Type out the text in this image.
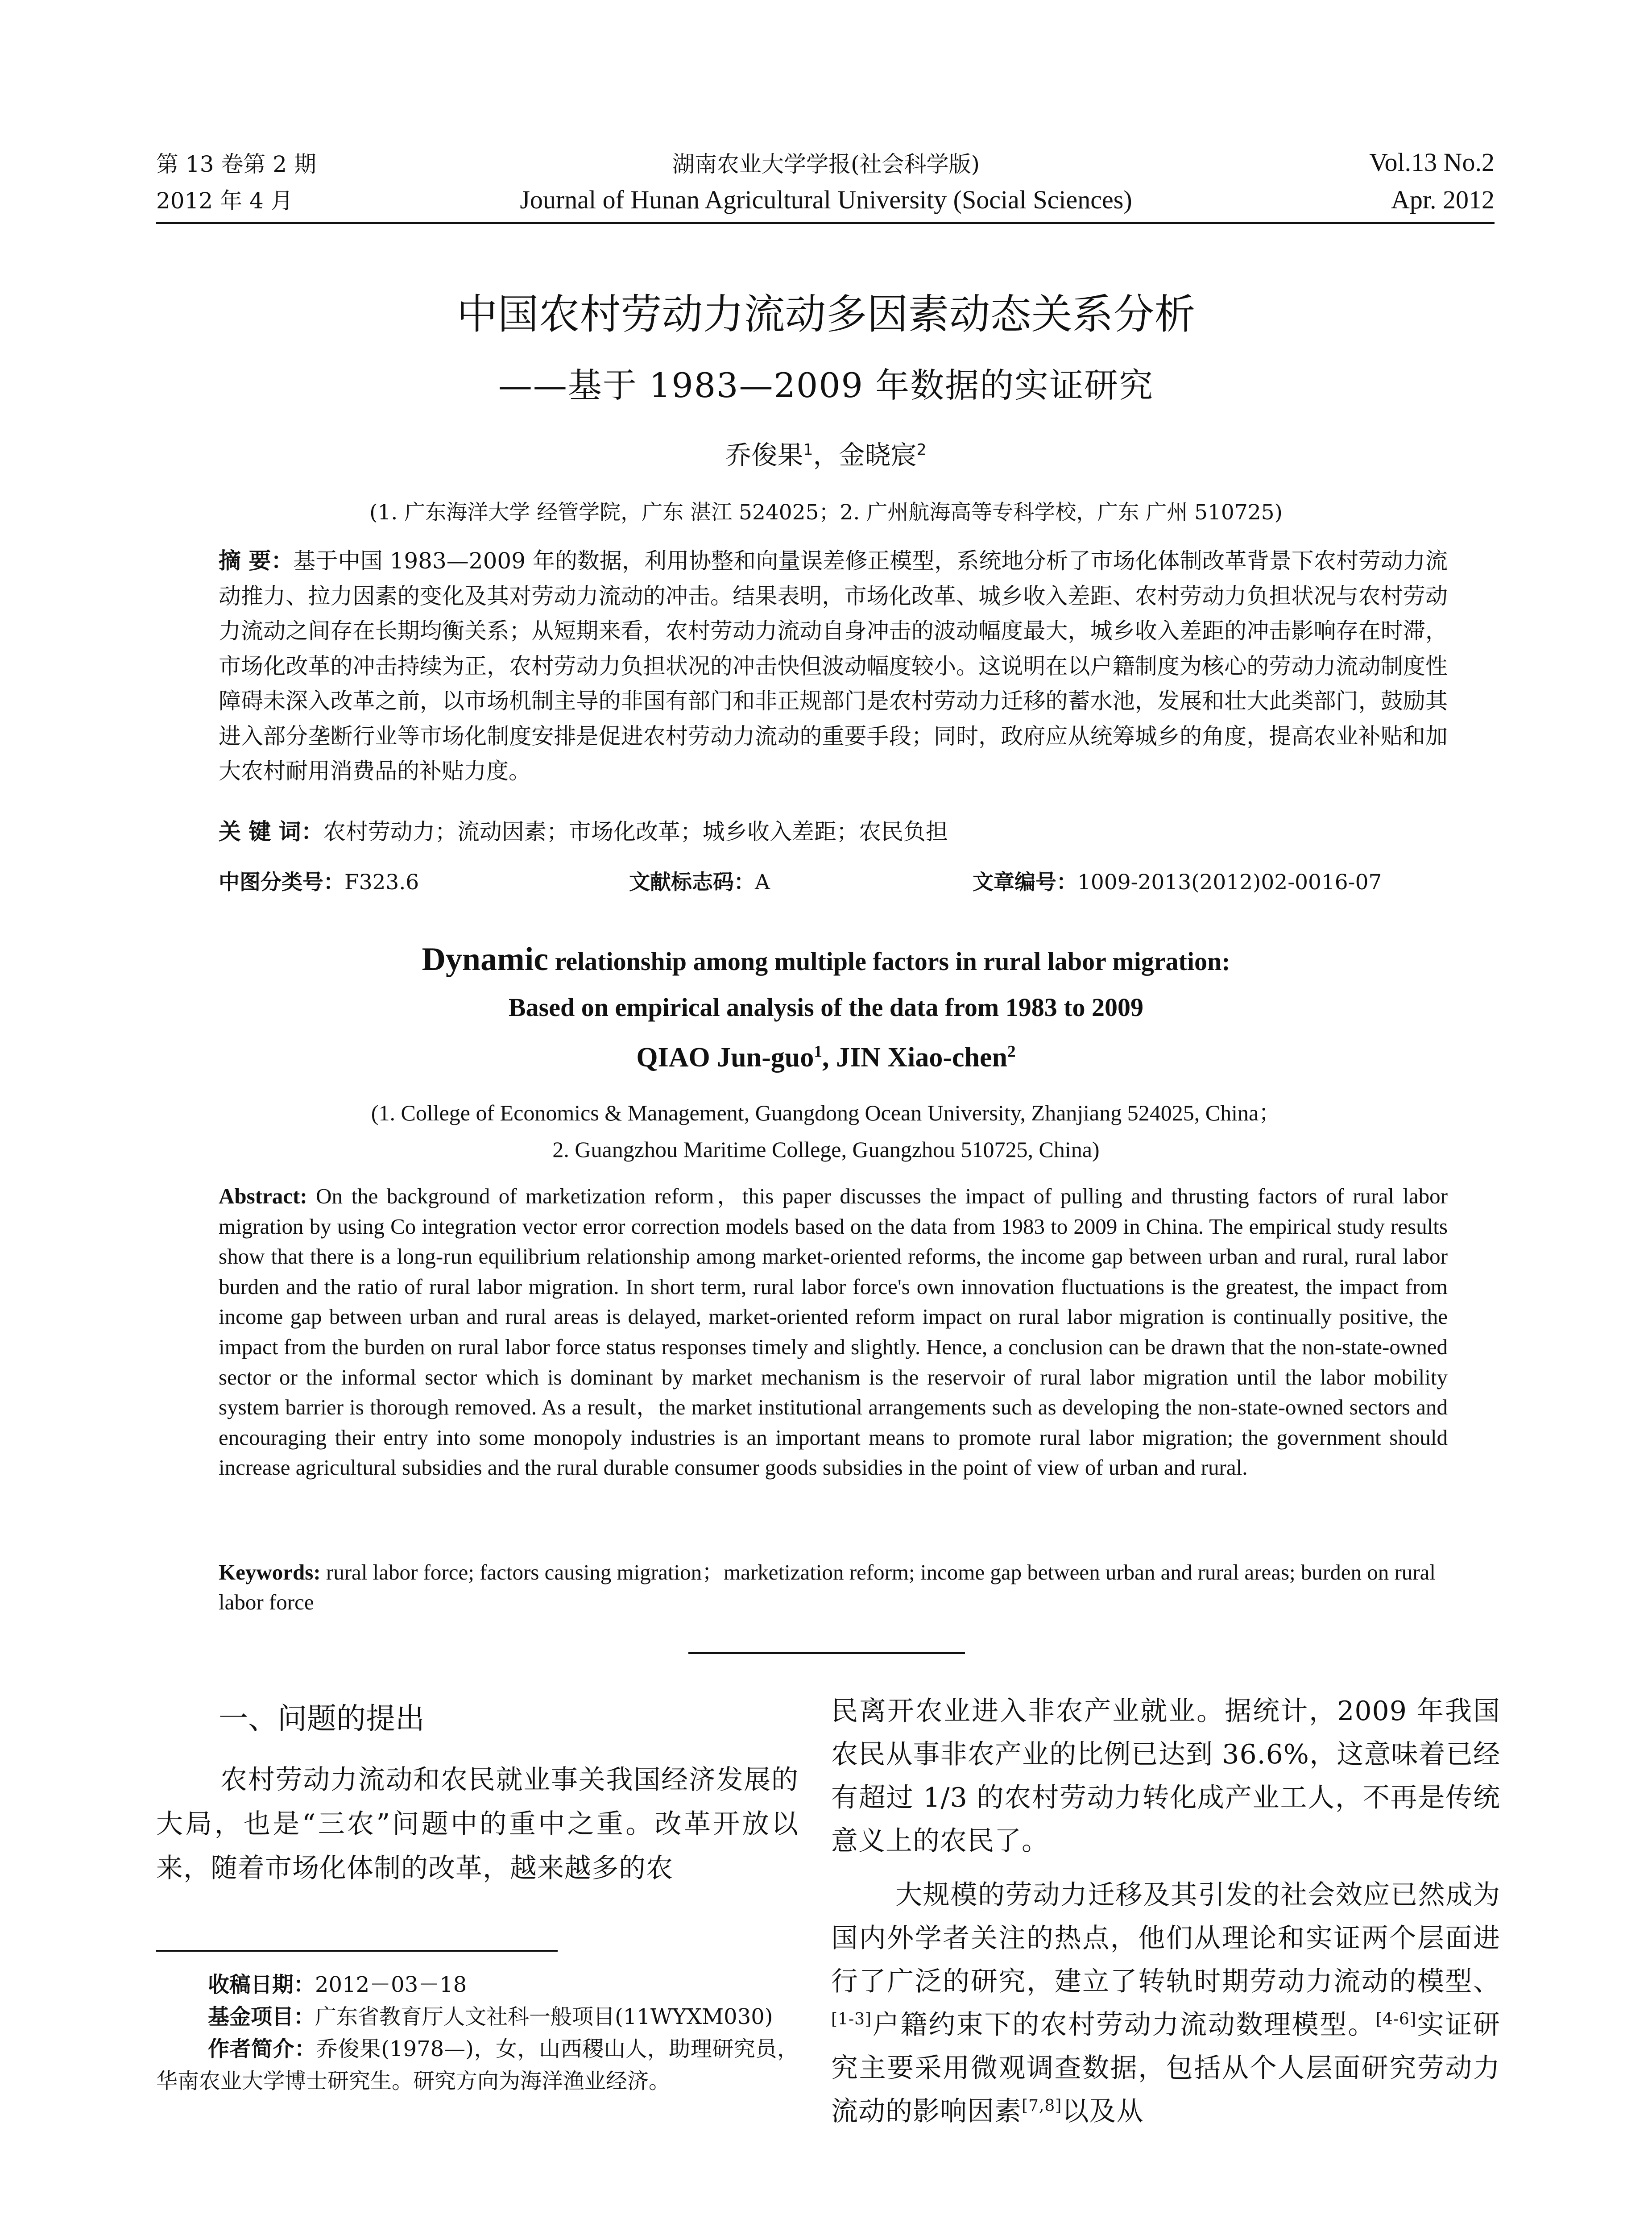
第 13 卷第 2 期
2012 年 4 月
湖南农业大学学报(社会科学版)
Journal of Hunan Agricultural University (Social Sciences)
Vol.13 No.2
Apr. 2012
中国农村劳动力流动多因素动态关系分析
——基于 1983—2009 年数据的实证研究
乔俊果$^1$，金晓宸$^2$
(1. 广东海洋大学 经管学院，广东 湛江 524025；2. 广州航海高等专科学校，广东 广州 510725)
摘 要：基于中国 1983—2009 年的数据，利用协整和向量误差修正模型，系统地分析了市场化体制改革背景下农村劳动力流动推力、拉力因素的变化及其对劳动力流动的冲击。结果表明，市场化改革、城乡收入差距、农村劳动力负担状况与农村劳动力流动之间存在长期均衡关系；从短期来看，农村劳动力流动自身冲击的波动幅度最大，城乡收入差距的冲击影响存在时滞，市场化改革的冲击持续为正，农村劳动力负担状况的冲击快但波动幅度较小。这说明在以户籍制度为核心的劳动力流动制度性障碍未深入改革之前，以市场机制主导的非国有部门和非正规部门是农村劳动力迁移的蓄水池，发展和壮大此类部门，鼓励其进入部分垄断行业等市场化制度安排是促进农村劳动力流动的重要手段；同时，政府应从统筹城乡的角度，提高农业补贴和加大农村耐用消费品的补贴力度。
关 键 词：农村劳动力；流动因素；市场化改革；城乡收入差距；农民负担
中图分类号：F323.6	文献标志码：A	文章编号：1009-2013(2012)02-0016-07
Dynamic relationship among multiple factors in rural labor migration:
Based on empirical analysis of the data from 1983 to 2009
QIAO Jun-guo$^1$, JIN Xiao-chen$^2$
(1. College of Economics & Management, Guangdong Ocean University, Zhanjiang 524025, China；
2. Guangzhou Maritime College, Guangzhou 510725, China)
Abstract: On the background of marketization reform，this paper discusses the impact of pulling and thrusting factors of rural labor migration by using Co integration vector error correction models based on the data from 1983 to 2009 in China. The empirical study results show that there is a long-run equilibrium relationship among market-oriented reforms, the income gap between urban and rural, rural labor burden and the ratio of rural labor migration. In short term, rural labor force's own innovation fluctuations is the greatest, the impact from income gap between urban and rural areas is delayed, market-oriented reform impact on rural labor migration is continually positive, the impact from the burden on rural labor force status responses timely and slightly. Hence, a conclusion can be drawn that the non-state-owned sector or the informal sector which is dominant by market mechanism is the reservoir of rural labor migration until the labor mobility system barrier is thorough removed. As a result，the market institutional arrangements such as developing the non-state-owned sectors and encouraging their entry into some monopoly industries is an important means to promote rural labor migration; the government should increase agricultural subsidies and the rural durable consumer goods subsidies in the point of view of urban and rural.
Keywords: rural labor force; factors causing migration；marketization reform; income gap between urban and rural areas; burden on rural labor force
一、问题的提出
农村劳动力流动和农民就业事关我国经济发展的大局，也是“三农”问题中的重中之重。改革开放以来，随着市场化体制的改革，越来越多的农

民离开农业进入非农产业就业。据统计，2009 年我国农民从事非农产业的比例已达到 36.6%，这意味着已经有超过 1/3 的农村劳动力转化成产业工人，不再是传统意义上的农民了。

大规模的劳动力迁移及其引发的社会效应已然成为国内外学者关注的热点，他们从理论和实证两个层面进行了广泛的研究，建立了转轨时期劳动力流动的模型、[1-3]户籍约束下的农村劳动力流动数理模型。[4-6]实证研究主要采用微观调查数据，包括从个人层面研究劳动力流动的影响因素[7,8]以及从

收稿日期：2012－03－18
基金项目：广东省教育厅人文社科一般项目(11WYXM030)
作者简介：乔俊果(1978—)，女，山西稷山人，助理研究员，华南农业大学博士研究生。研究方向为海洋渔业经济。
